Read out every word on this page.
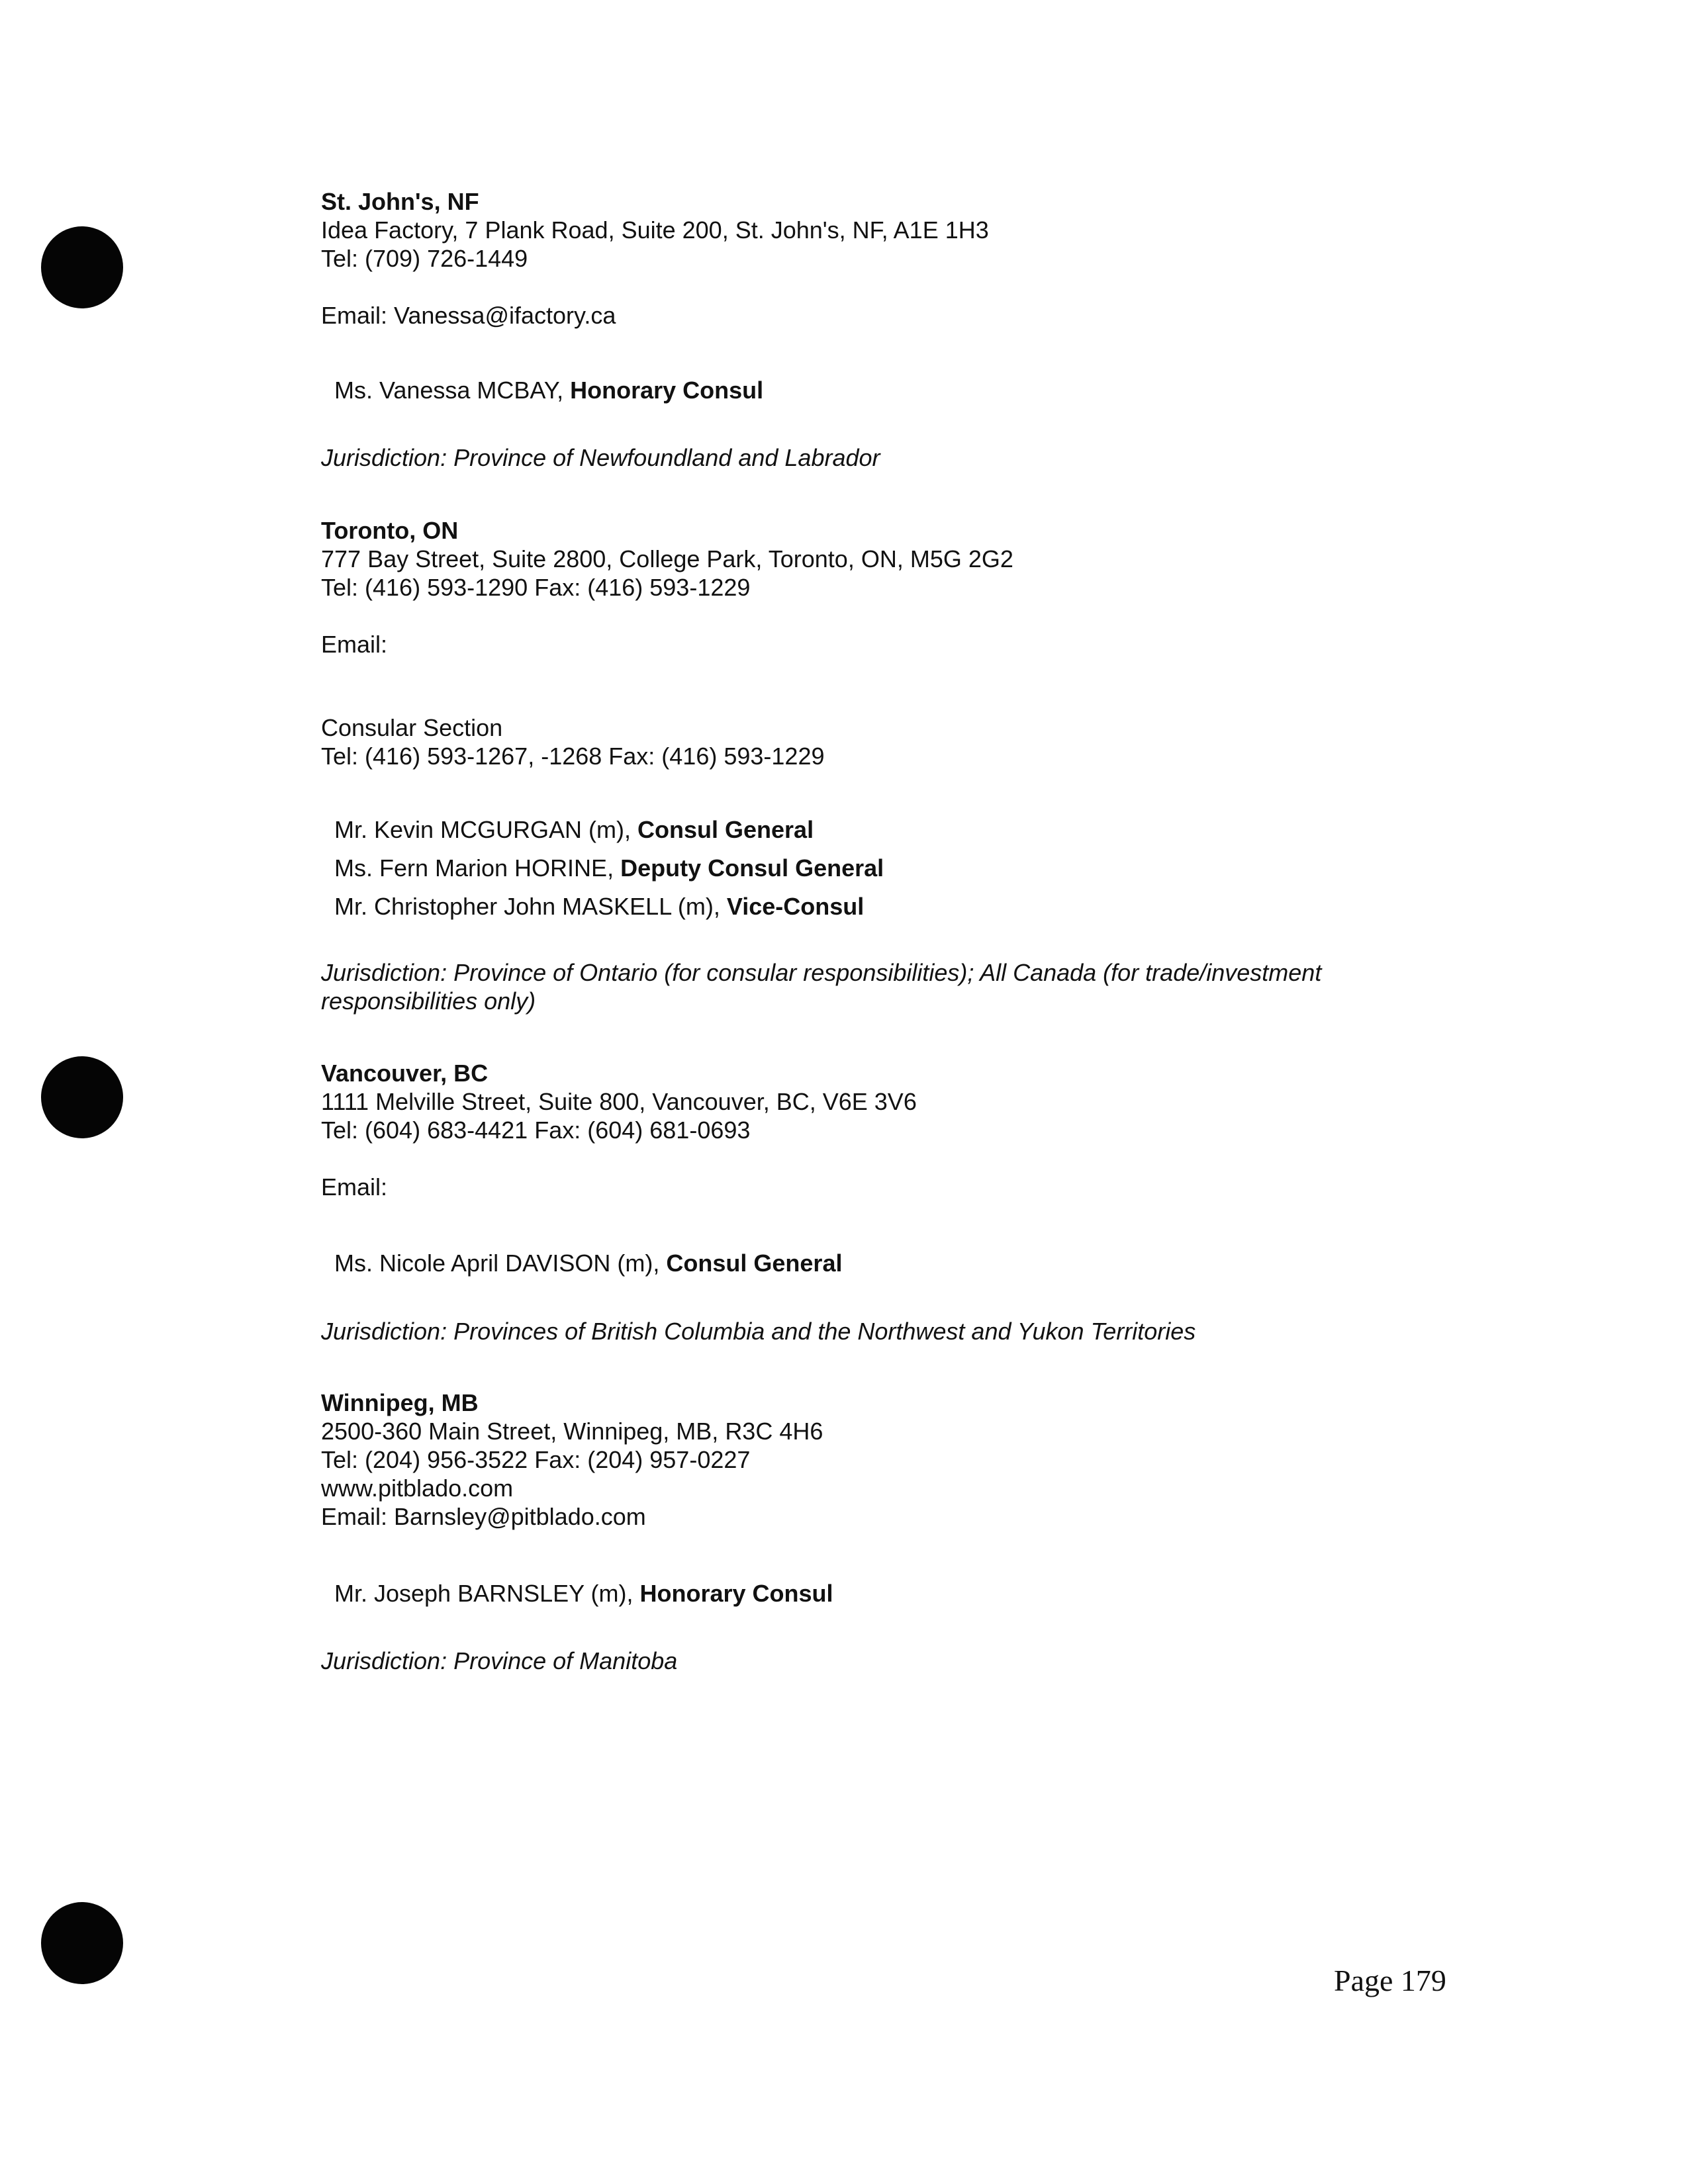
St. John's, NF
Idea Factory, 7 Plank Road, Suite 200, St. John's, NF, A1E 1H3
Tel: (709) 726-1449
Email: Vanessa@ifactory.ca
Ms. Vanessa MCBAY, Honorary Consul
Jurisdiction: Province of Newfoundland and Labrador
Toronto, ON
777 Bay Street, Suite 2800, College Park, Toronto, ON, M5G 2G2
Tel: (416) 593-1290 Fax: (416) 593-1229
Email:
Consular Section
Tel: (416) 593-1267, -1268 Fax: (416) 593-1229
Mr. Kevin MCGURGAN (m), Consul General
Ms. Fern Marion HORINE, Deputy Consul General
Mr. Christopher John MASKELL (m), Vice-Consul
Jurisdiction: Province of Ontario (for consular responsibilities); All Canada (for trade/investment
responsibilities only)
Vancouver, BC
1111 Melville Street, Suite 800, Vancouver, BC, V6E 3V6
Tel: (604) 683-4421 Fax: (604) 681-0693
Email:
Ms. Nicole April DAVISON (m), Consul General
Jurisdiction: Provinces of British Columbia and the Northwest and Yukon Territories
Winnipeg, MB
2500-360 Main Street, Winnipeg, MB, R3C 4H6
Tel: (204) 956-3522 Fax: (204) 957-0227
www.pitblado.com
Email: Barnsley@pitblado.com
Mr. Joseph BARNSLEY (m), Honorary Consul
Jurisdiction: Province of Manitoba
Page 179
